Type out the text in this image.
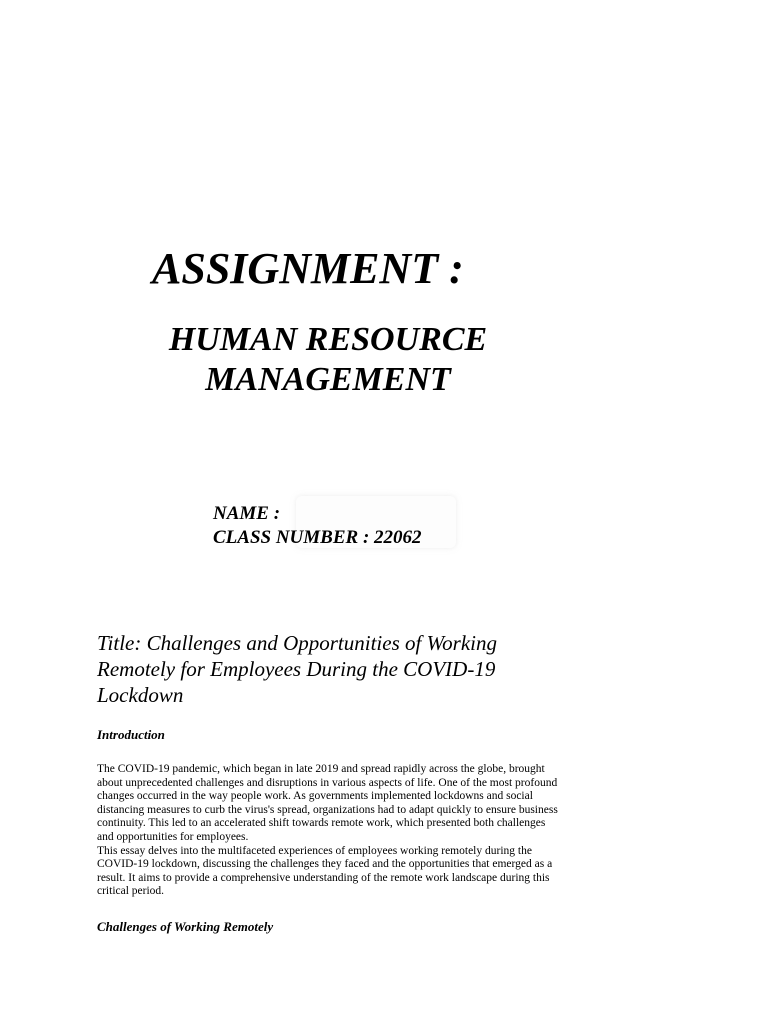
ASSIGNMENT :
HUMAN RESOURCE
MANAGEMENT
NAME :
CLASS NUMBER : 22062
Title: Challenges and Opportunities of Working Remotely for Employees During the COVID-19 Lockdown
Introduction

The COVID-19 pandemic, which began in late 2019 and spread rapidly across the globe, brought about unprecedented challenges and disruptions in various aspects of life. One of the most profound changes occurred in the way people work. As governments implemented lockdowns and social distancing measures to curb the virus's spread, organizations had to adapt quickly to ensure business continuity. This led to an accelerated shift towards remote work, which presented both challenges and opportunities for employees.

This essay delves into the multifaceted experiences of employees working remotely during the COVID-19 lockdown, discussing the challenges they faced and the opportunities that emerged as a result. It aims to provide a comprehensive understanding of the remote work landscape during this critical period.

Challenges of Working Remotely
